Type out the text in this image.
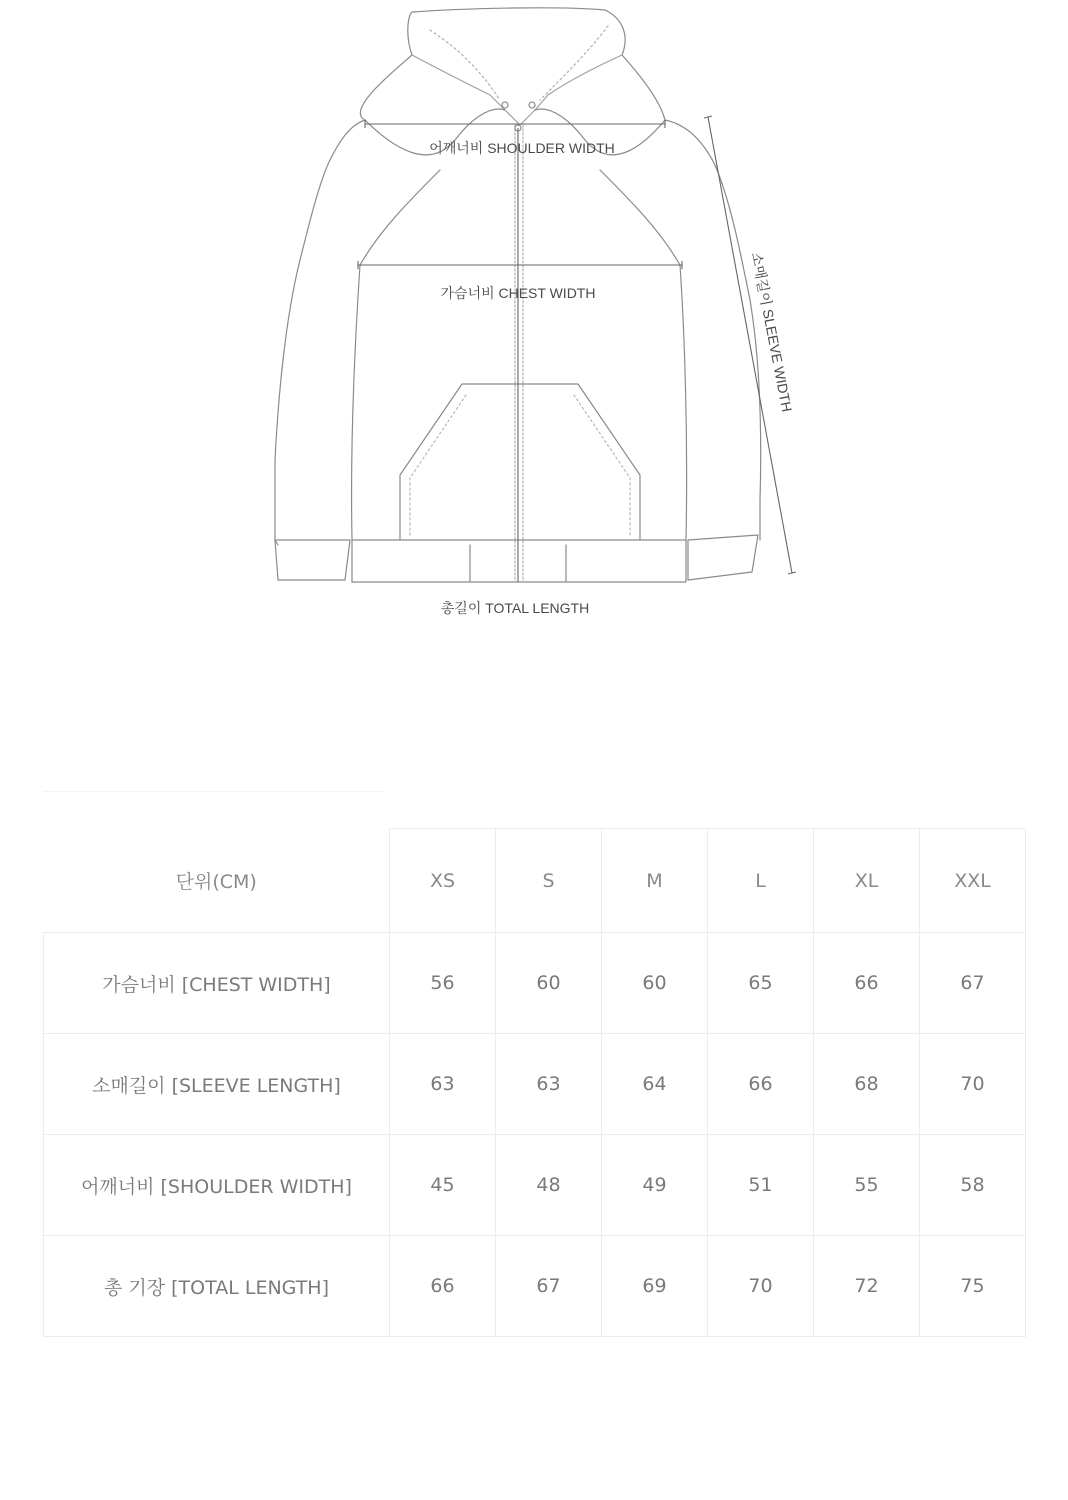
어깨너비 SHOULDER WIDTH
가슴너비 CHEST WIDTH
총길이 TOTAL LENGTH
소매길이 SLEEVE WIDTH
단위(CM)	XS	S	M	L	XL	XXL
가슴너비 [CHEST WIDTH]	56	60	60	65	66	67
소매길이 [SLEEVE LENGTH]	63	63	64	66	68	70
어깨너비 [SHOULDER WIDTH]	45	48	49	51	55	58
총 기장 [TOTAL LENGTH]	66	67	69	70	72	75
